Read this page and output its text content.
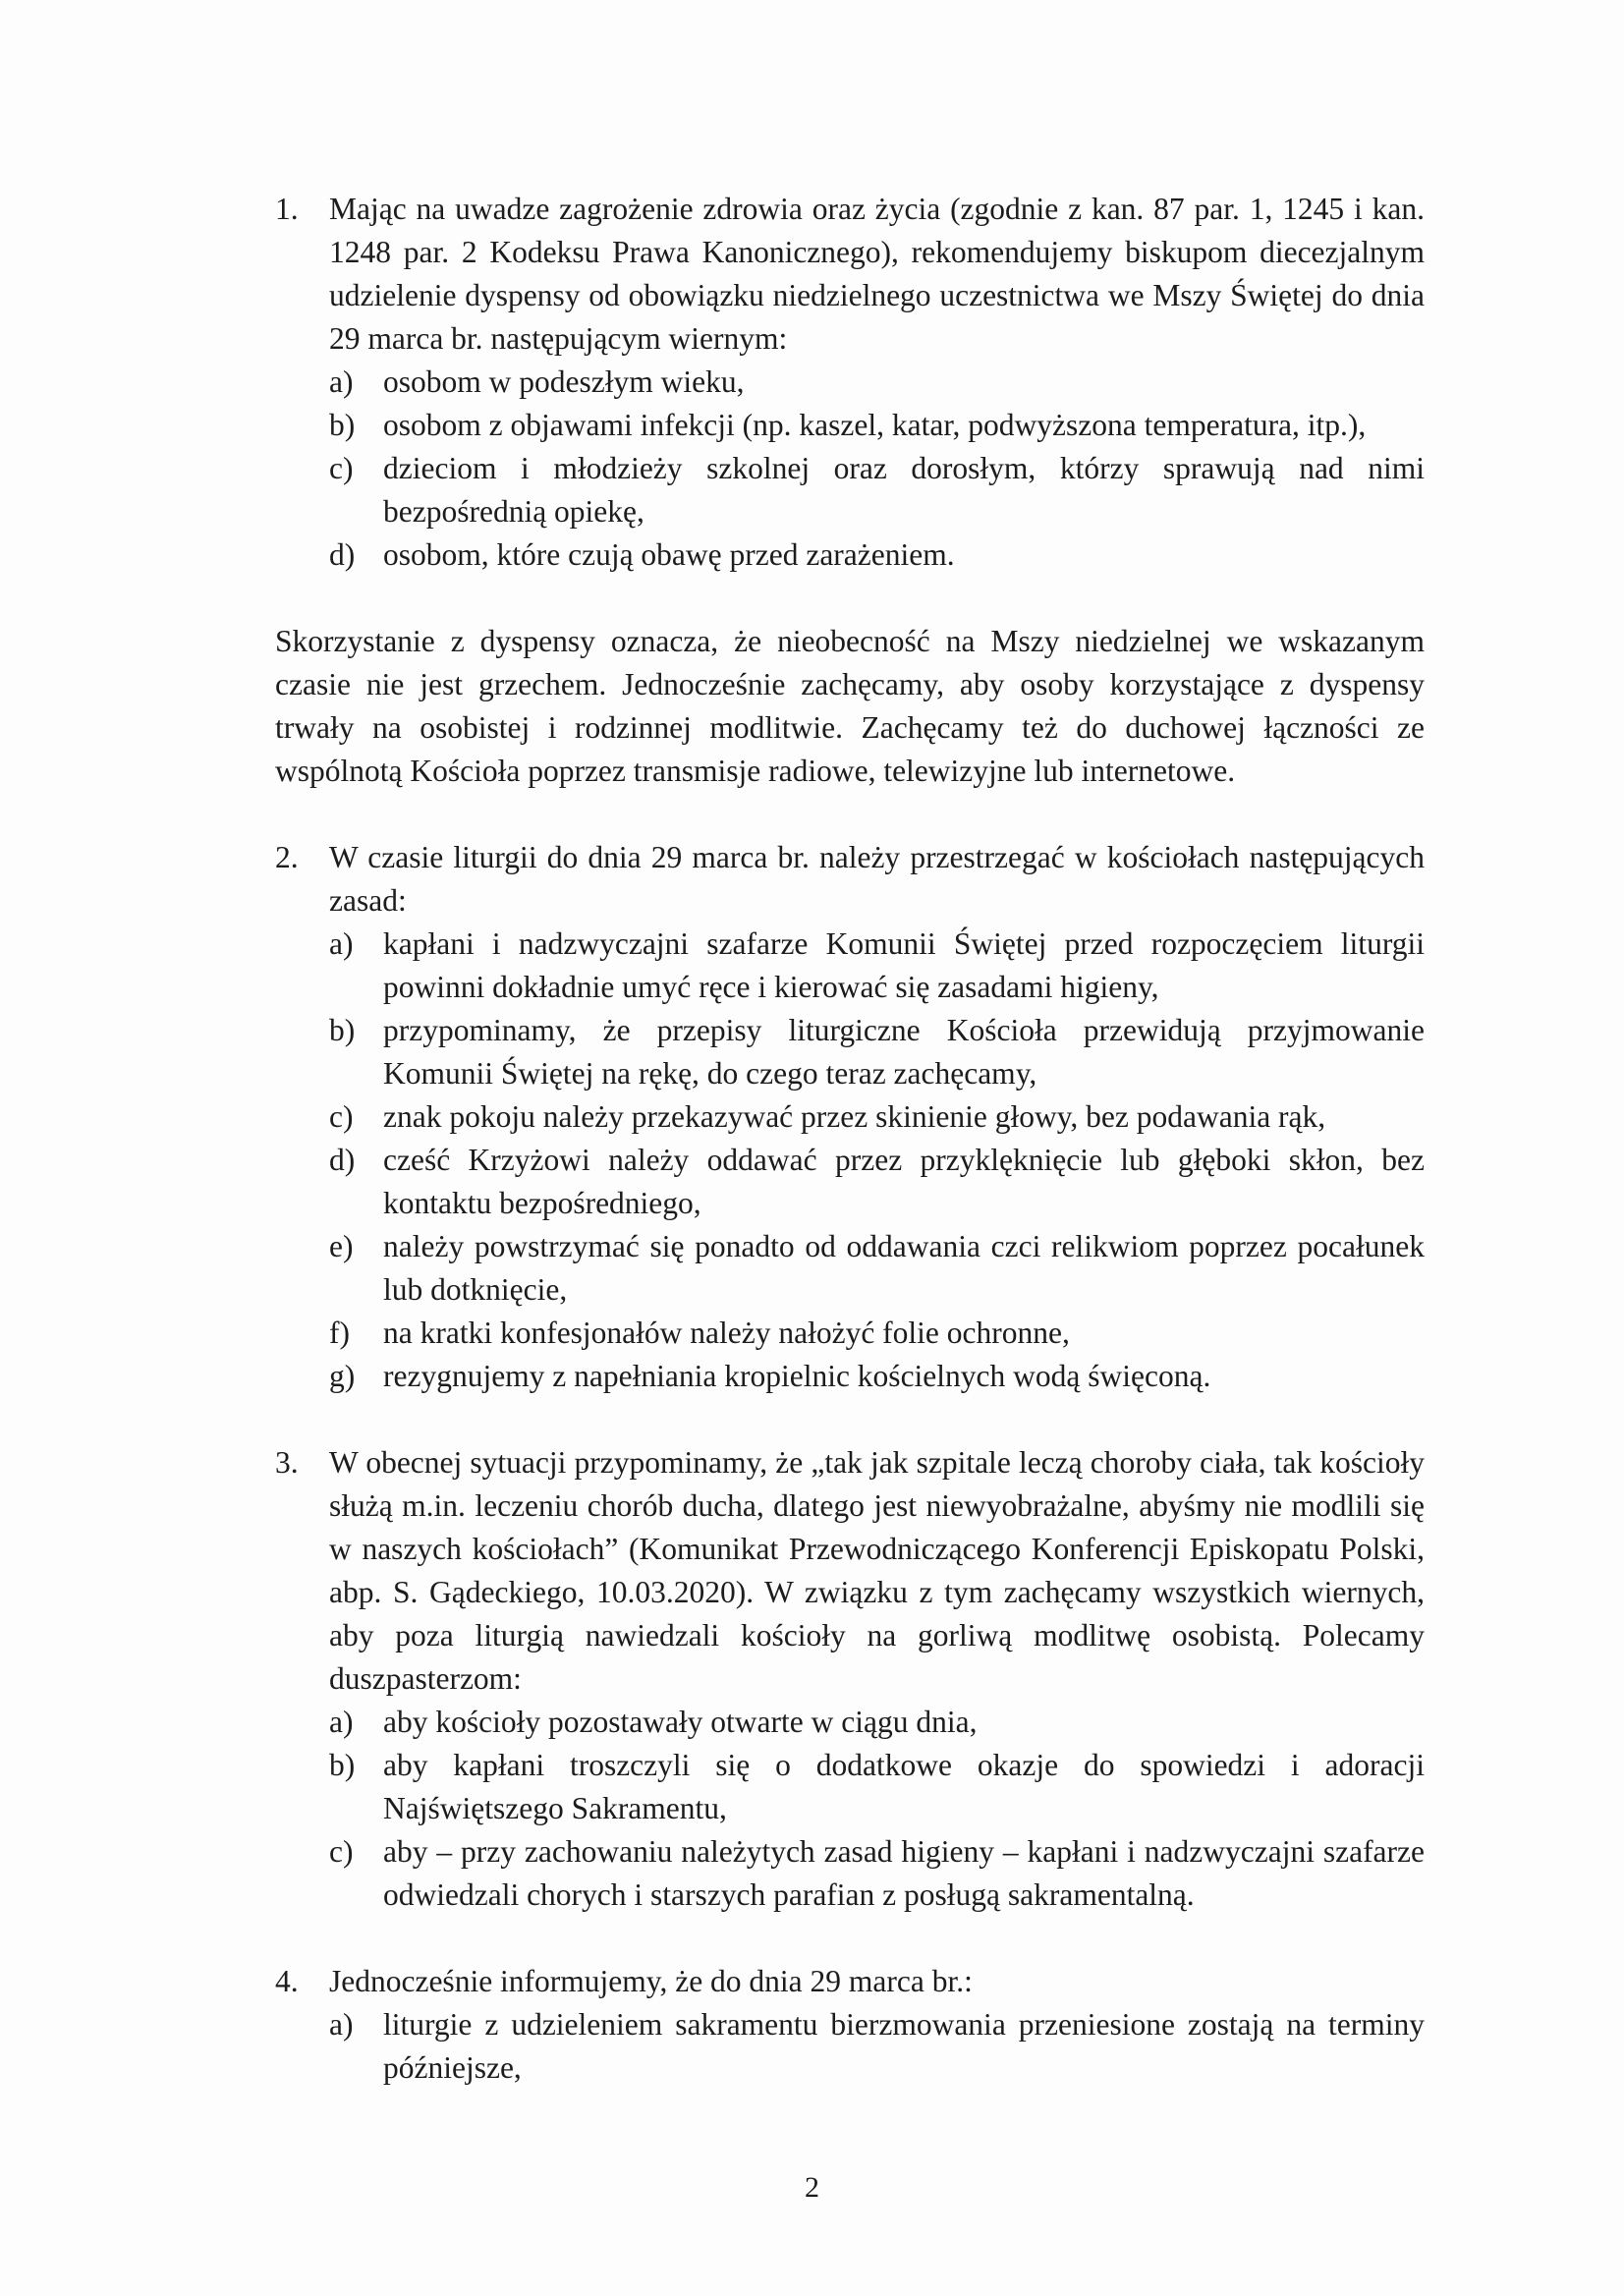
1. Mając na uwadze zagrożenie zdrowia oraz życia (zgodnie z kan. 87 par. 1, 1245 i kan. 1248 par. 2 Kodeksu Prawa Kanonicznego), rekomendujemy biskupom diecezjalnym udzielenie dyspensy od obowiązku niedzielnego uczestnictwa we Mszy Świętej do dnia 29 marca br. następującym wiernym:
a) osobom w podeszłym wieku,
b) osobom z objawami infekcji (np. kaszel, katar, podwyższona temperatura, itp.),
c) dzieciom i młodzieży szkolnej oraz dorosłym, którzy sprawują nad nimi bezpośrednią opiekę,
d) osobom, które czują obawę przed zarażeniem.
Skorzystanie z dyspensy oznacza, że nieobecność na Mszy niedzielnej we wskazanym czasie nie jest grzechem. Jednocześnie zachęcamy, aby osoby korzystające z dyspensy trwały na osobistej i rodzinnej modlitwie. Zachęcamy też do duchowej łączności ze wspólnotą Kościoła poprzez transmisje radiowe, telewizyjne lub internetowe.
2. W czasie liturgii do dnia 29 marca br. należy przestrzegać w kościołach następujących zasad:
a) kapłani i nadzwyczajni szafarze Komunii Świętej przed rozpoczęciem liturgii powinni dokładnie umyć ręce i kierować się zasadami higieny,
b) przypominamy, że przepisy liturgiczne Kościoła przewidują przyjmowanie Komunii Świętej na rękę, do czego teraz zachęcamy,
c) znak pokoju należy przekazywać przez skinienie głowy, bez podawania rąk,
d) cześć Krzyżowi należy oddawać przez przyklęknięcie lub głęboki skłon, bez kontaktu bezpośredniego,
e) należy powstrzymać się ponadto od oddawania czci relikwiom poprzez pocałunek lub dotknięcie,
f) na kratki konfesjonałów należy nałożyć folie ochronne,
g) rezygnujemy z napełniania kropielnic kościelnych wodą święconą.
3. W obecnej sytuacji przypominamy, że „tak jak szpitale leczą choroby ciała, tak kościoły służą m.in. leczeniu chorób ducha, dlatego jest niewyobrażalne, abyśmy nie modlili się w naszych kościołach” (Komunikat Przewodniczącego Konferencji Episkopatu Polski, abp. S. Gądeckiego, 10.03.2020). W związku z tym zachęcamy wszystkich wiernych, aby poza liturgią nawiedzali kościoły na gorliwą modlitwę osobistą. Polecamy duszpasterzom:
a) aby kościoły pozostawały otwarte w ciągu dnia,
b) aby kapłani troszczyli się o dodatkowe okazje do spowiedzi i adoracji Najświętszego Sakramentu,
c) aby – przy zachowaniu należytych zasad higieny – kapłani i nadzwyczajni szafarze odwiedzali chorych i starszych parafian z posługą sakramentalną.
4. Jednocześnie informujemy, że do dnia 29 marca br.:
a) liturgie z udzieleniem sakramentu bierzmowania przeniesione zostają na terminy późniejsze,
2
